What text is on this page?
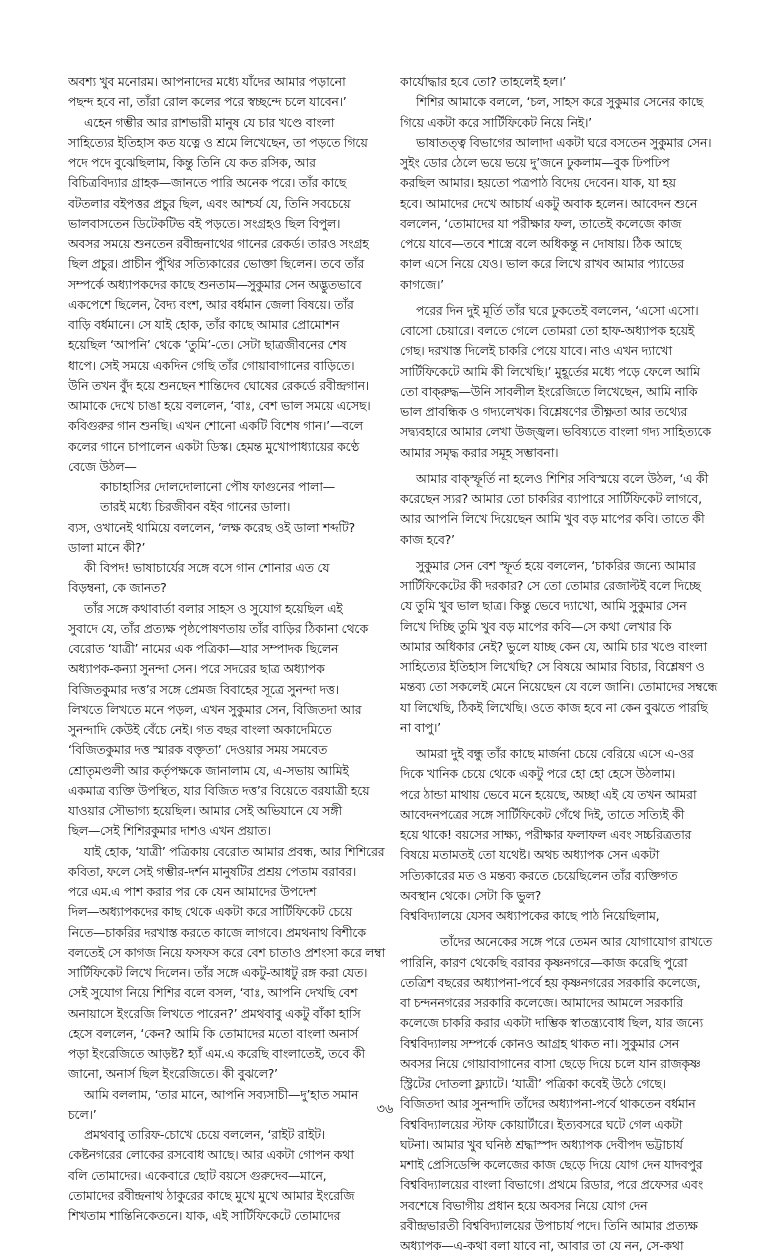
অবশ্য খুব মনোরম। আপনাদের মধ্যে যাঁদের আমার পড়ানো
পছন্দ হবে না, তাঁরা রোল কলের পরে স্বচ্ছন্দে চলে যাবেন।’
এহেন গম্ভীর আর রাশভারী মানুষ যে চার খণ্ডে বাংলা
সাহিত্যের ইতিহাস কত যত্নে ও শ্রমে লিখেছেন, তা পড়তে গিয়ে
পদে পদে বুঝেছিলাম, কিন্তু তিনি যে কত রসিক, আর
বিচিত্রবিদ্যার গ্রাহক—জানতে পারি অনেক পরে। তাঁর কাছে
বটতলার বইপত্তর প্রচুর ছিল, এবং আশ্চর্য যে, তিনি সবচেয়ে
ভালবাসতেন ডিটেকটিভ বই পড়তে। সংগ্রহও ছিল বিপুল।
অবসর সময়ে শুনতেন রবীন্দ্রনাথের গানের রেকর্ড। তারও সংগ্রহ
ছিল প্রচুর। প্রাচীন পুঁথির সত্যিকারের ভোক্তা ছিলেন। তবে তাঁর
সম্পর্কে অধ্যাপকদের কাছে শুনতাম—সুকুমার সেন অদ্ভুতভাবে
একপেশে ছিলেন, বৈদ্য বংশ, আর বর্ধমান জেলা বিষয়ে। তাঁর
বাড়ি বর্ধমানে। সে যাই হোক, তাঁর কাছে আমার প্রোমোশন
হয়েছিল ‘আপনি’ থেকে ‘তুমি’-তে। সেটা ছাত্রজীবনের শেষ
ধাপে। সেই সময়ে একদিন গেছি তাঁর গোয়াবাগানের বাড়িতে।
উনি তখন বুঁদ হয়ে শুনছেন শান্তিদেব ঘোষের রেকর্ডে রবীন্দ্রগান।
আমাকে দেখে চাঙা হয়ে বললেন, ‘বাঃ, বেশ ভাল সময়ে এসেছ।
কবিগুরুর গান শুনছি। এখন শোনো একটি বিশেষ গান।’—বলে
কলের গানে চাপালেন একটা ডিস্ক। হেমন্ত মুখোপাধ্যায়ের কণ্ঠে
বেজে উঠল—
কাচাহাসির দোলদোলানো পৌষ ফাগুনের পালা—
তারই মধ্যে চিরজীবন বইব গানের ডালা।
ব্যস, ওখানেই থামিয়ে বললেন, ‘লক্ষ করেছ ওই ডালা শব্দটি?
ডালা মানে কী?’
কী বিপদ! ভাষাচার্যের সঙ্গে বসে গান শোনার এত যে
বিড়ম্বনা, কে জানত?
তাঁর সঙ্গে কথাবার্তা বলার সাহস ও সুযোগ হয়েছিল এই
সুবাদে যে, তাঁর প্রত্যক্ষ পৃষ্ঠপোষণতায় তাঁর বাড়ির ঠিকানা থেকে
বেরোত ‘যাত্রী’ নামের এক পত্রিকা—যার সম্পাদক ছিলেন
অধ্যাপক-কন্যা সুনন্দা সেন। পরে সদরের ছাত্র অধ্যাপক
বিজিতকুমার দত্ত’র সঙ্গে প্রেমজ বিবাহের সূত্রে সুনন্দা দত্ত।
লিখতে লিখতে মনে পড়ল, এখন সুকুমার সেন, বিজিতদা আর
সুনন্দাদি কেউই বেঁচে নেই। গত বছর বাংলা অকাদেমিতে
‘বিজিতকুমার দত্ত স্মারক বক্তৃতা’ দেওয়ার সময় সমবেত
শ্রোতৃমণ্ডলী আর কর্তৃপক্ষকে জানালাম যে, এ-সভায় আমিই
একমাত্র ব্যক্তি উপস্থিত, যার বিজিত দত্ত’র বিয়েতে বরযাত্রী হয়ে
যাওয়ার সৌভাগ্য হয়েছিল। আমার সেই অভিযানে যে সঙ্গী
ছিল—সেই শিশিরকুমার দাশও এখন প্রয়াত।
যাই হোক, ‘যাত্রী’ পত্রিকায় বেরোত আমার প্রবন্ধ, আর শিশিরের
কবিতা, ফলে সেই গম্ভীর-দর্শন মানুষটির প্রশ্রয় পেতাম বরাবর।
পরে এম.এ পাশ করার পর কে যেন আমাদের উপদেশ
দিল—অধ্যাপকদের কাছ থেকে একটা করে সার্টিফিকেট চেয়ে
নিতে—চাকরির দরখাস্ত করতে কাজে লাগবে। প্রমথনাথ বিশীকে
বলতেই সে কাগজ নিয়ে ফসফস করে বেশ চাতাও প্রশংসা করে লম্বা
সার্টিফিকেট লিখে দিলেন। তাঁর সঙ্গে একটু-আধটু রঙ্গ করা যেত।
সেই সুযোগ নিয়ে শিশির বলে বসল, ‘বাঃ, আপনি দেখছি বেশ
অনায়াসে ইংরেজি লিখতে পারেন?’ প্রমথবাবু একটু বাঁকা হাসি
হেসে বললেন, ‘কেন? আমি কি তোমাদের মতো বাংলা অনার্স
পড়া ইংরেজিতে আড়ষ্ট? হ্যাঁ এম.এ করেছি বাংলাতেই, তবে কী
জানো, অনার্স ছিল ইংরেজিতে। কী বুঝলে?’
আমি বললাম, ‘তার মানে, আপনি সব্যসাচী—দু’হাত সমান
চলে।’
প্রমথবাবু তারিফ-চোখে চেয়ে বললেন, ‘রাইট রাইট।
কেষ্টনগরের লোকের রসবোধ আছে। আর একটা গোপন কথা
বলি তোমাদের। একেবারে ছোট বয়সে গুরুদেব—মানে,
তোমাদের রবীন্দ্রনাথ ঠাকুরের কাছে মুখে মুখে আমার ইংরেজি
শিখতাম শান্তিনিকেতনে। যাক, এই সার্টিফিকেটে তোমাদের
কার্যোদ্ধার হবে তো? তাহলেই হল।’
শিশির আমাকে বললে, ‘চল, সাহস করে সুকুমার সেনের কাছে
গিয়ে একটা করে সার্টিফিকেট নিয়ে নিই।’
ভাষাতত্ত্ব বিভাগের আলাদা একটা ঘরে বসতেন সুকুমার সেন।
সুইং ডোর ঠেলে ভয়ে ভয়ে দু’জনে ঢুকলাম—বুক ঢিপঢিপ
করছিল আমার। হয়তো পত্রপাঠ বিদেয় দেবেন। যাক, যা হয়
হবে। আমাদের দেখে আচার্য একটু অবাক হলেন। আবেদন শুনে
বললেন, ‘তোমাদের যা পরীক্ষার ফল, তাতেই কলেজে কাজ
পেয়ে যাবে—তবে শাস্ত্রে বলে অধিকন্তু ন দোষায়। ঠিক আছে
কাল এসে নিয়ে যেও। ভাল করে লিখে রাখব আমার প্যাডের
কাগজে।’
পরের দিন দুই মূর্তি তাঁর ঘরে ঢুকতেই বললেন, ‘এসো এসো।
বোসো চেয়ারে। বলতে গেলে তোমরা তো হাফ-অধ্যাপক হয়েই
গেছ। দরখাস্ত দিলেই চাকরি পেয়ে যাবে। নাও এখন দ্যাখো
সার্টিফিকেটে আমি কী লিখেছি।’ মুহূর্তের মধ্যে পড়ে ফেলে আমি
তো বাক্‌রুদ্ধ—উনি সাবলীল ইংরেজিতে লিখেছেন, আমি নাকি
ভাল প্রাবন্ধিক ও গদ্যলেখক। বিশ্লেষণের তীক্ষ্ণতা আর তথ্যের
সদ্ব্যবহারে আমার লেখা উজ্জ্বল। ভবিষ্যতে বাংলা গদ্য সাহিত্যকে
আমার সমৃদ্ধ করার সমূহ সম্ভাবনা।
আমার বাক্‌স্ফূর্তি না হলেও শিশির সবিস্ময়ে বলে উঠল, ‘এ কী
করেছেন স্যর? আমার তো চাকরির ব্যাপারে সার্টিফিকেট লাগবে,
আর আপনি লিখে দিয়েছেন আমি খুব বড় মাপের কবি। তাতে কী
কাজ হবে?’
সুকুমার সেন বেশ স্ফূর্ত হয়ে বললেন, ‘চাকরির জন্যে আমার
সার্টিফিকেটের কী দরকার? সে তো তোমার রেজাল্টই বলে দিচ্ছে
যে তুমি খুব ভাল ছাত্র। কিন্তু ভেবে দ্যাখো, আমি সুকুমার সেন
লিখে দিচ্ছি তুমি খুব বড় মাপের কবি—সে কথা লেখার কি
আমার অধিকার নেই? ভুলে যাচ্ছ কেন যে, আমি চার খণ্ডে বাংলা
সাহিত্যের ইতিহাস লিখেছি? সে বিষয়ে আমার বিচার, বিশ্লেষণ ও
মন্তব্য তো সকলেই মেনে নিয়েছেন যে বলে জানি। তোমাদের সম্বন্ধে
যা লিখেছি, ঠিকই লিখেছি। ওতে কাজ হবে না কেন বুঝতে পারছি
না বাপু।’
আমরা দুই বন্ধু তাঁর কাছে মার্জনা চেয়ে বেরিয়ে এসে এ-ওর
দিকে খানিক চেয়ে থেকে একটু পরে হো হো হেসে উঠলাম।
পরে ঠান্ডা মাথায় ভেবে মনে হয়েছে, অচ্ছা এই যে তখন আমরা
আবেদনপত্রের সঙ্গে সার্টিফিকেট গেঁথে দিই, তাতে সত্যিই কী
হয়ে থাকে! বয়সের সাক্ষ্য, পরীক্ষার ফলাফল এবং সচ্চরিত্রতার
বিষয়ে মতামতই তো যথেষ্ট। অথচ অধ্যাপক সেন একটা
সত্যিকারের মত ও মন্তব্য করতে চেয়েছিলেন তাঁর ব্যক্তিগত
অবস্থান থেকে। সেটা কি ভুল?
বিশ্ববিদ্যালয়ে যেসব অধ্যাপকের কাছে পাঠ নিয়েছিলাম,
তাঁদের অনেকের সঙ্গে পরে তেমন আর যোগাযোগ রাখতে
পারিনি, কারণ থেকেছি বরাবর কৃষ্ণনগরে—কাজ করেছি পুরো
তেত্রিশ বছরের অধ্যাপনা-পর্বে হয় কৃষ্ণনগরের সরকারি কলেজে,
বা চন্দননগরের সরকারি কলেজে। আমাদের আমলে সরকারি
কলেজে চাকরি করার একটা দাম্ভিক স্বাতন্ত্র্যবোধ ছিল, যার জন্যে
বিশ্ববিদ্যালয় সম্পর্কে কোনও আগ্রহ থাকত না। সুকুমার সেন
অবসর নিয়ে গোয়াবাগানের বাসা ছেড়ে দিয়ে চলে যান রাজকৃষ্ণ
স্ট্রিটের দোতলা ফ্ল্যাটে। ‘যাত্রী’ পত্রিকা কবেই উঠে গেছে।
বিজিতদা আর সুনন্দাদি তাঁদের অধ্যাপনা-পর্বে থাকতেন বর্ধমান
বিশ্ববিদ্যালয়ের স্টাফ কোয়ার্টারে। ইত্যবসরে ঘটে গেল একটা
ঘটনা। আমার খুব ঘনিষ্ঠ শ্রদ্ধাস্পদ অধ্যাপক দেবীপদ ভট্টাচার্য
মশাই প্রেসিডেন্সি কলেজের কাজ ছেড়ে দিয়ে যোগ দেন যাদবপুর
বিশ্ববিদ্যালয়ের বাংলা বিভাগে। প্রথমে রিডার, পরে প্রফেসর এবং
সবশেষে বিভাগীয় প্রধান হয়ে অবসর নিয়ে যোগ দেন
রবীন্দ্রভারতী বিশ্ববিদ্যালয়ের উপাচার্য পদে। তিনি আমার প্রত্যক্ষ
অধ্যাপক—এ-কথা বলা যাবে না, আবার তা যে নন, সে-কথা
৩৬
